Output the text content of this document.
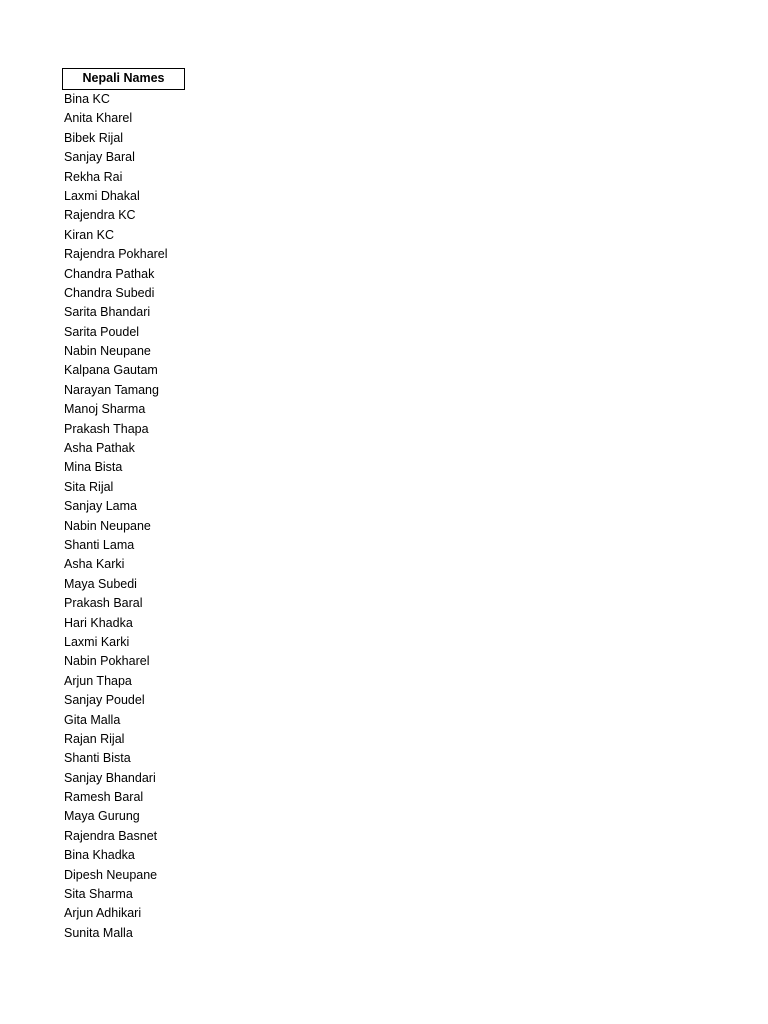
Nepali Names
Bina KC
Anita Kharel
Bibek Rijal
Sanjay Baral
Rekha Rai
Laxmi Dhakal
Rajendra KC
Kiran KC
Rajendra Pokharel
Chandra Pathak
Chandra Subedi
Sarita Bhandari
Sarita Poudel
Nabin Neupane
Kalpana Gautam
Narayan Tamang
Manoj Sharma
Prakash Thapa
Asha Pathak
Mina Bista
Sita Rijal
Sanjay Lama
Nabin Neupane
Shanti Lama
Asha Karki
Maya Subedi
Prakash Baral
Hari Khadka
Laxmi Karki
Nabin Pokharel
Arjun Thapa
Sanjay Poudel
Gita Malla
Rajan Rijal
Shanti Bista
Sanjay Bhandari
Ramesh Baral
Maya Gurung
Rajendra Basnet
Bina Khadka
Dipesh Neupane
Sita Sharma
Arjun Adhikari
Sunita Malla
